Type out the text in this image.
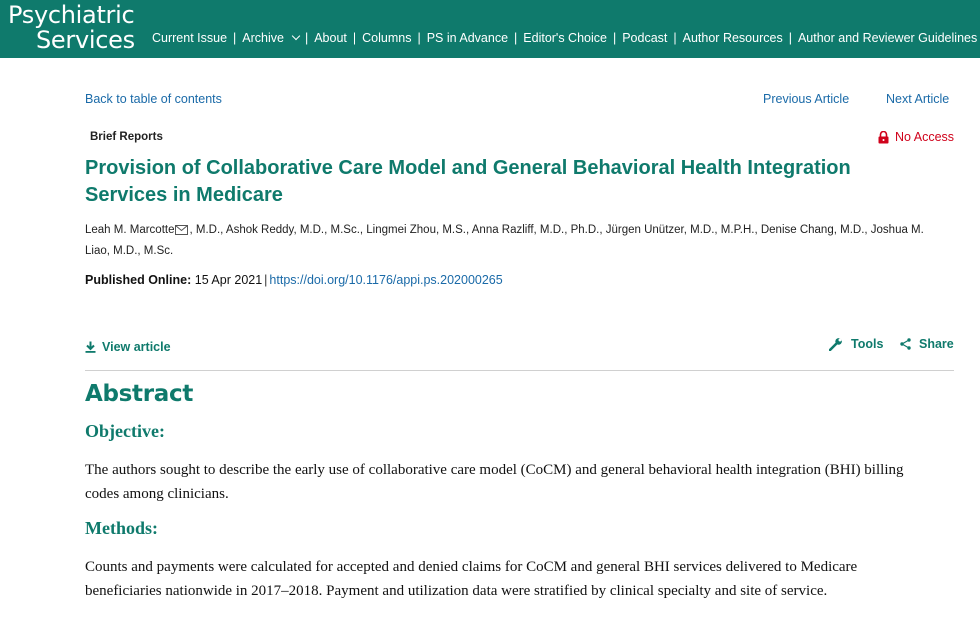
Psychiatric
Services Current Issue | Archive	| About | Columns | PS in Advance | Editor's Choice | Podcast | Author Resources | Author and Reviewer Guidelines
Back to table of contents	Previous Article	Next Article
Brief Reports	No Access
Provision of Collaborative Care Model and General Behavioral Health Integration Services in Medicare
Leah M. Marcotte , M.D., Ashok Reddy, M.D., M.Sc., Lingmei Zhou, M.S., Anna Razliff, M.D., Ph.D., Jürgen Unützer, M.D., M.P.H., Denise Chang, M.D., Joshua M. Liao, M.D., M.Sc.
Published Online: 15 Apr 2021 | https://doi.org/10.1176/appi.ps.202000265
View article	Tools	Share
Abstract
Objective:

The authors sought to describe the early use of collaborative care model (CoCM) and general behavioral health integration (BHI) billing codes among clinicians.

Methods:

Counts and payments were calculated for accepted and denied claims for CoCM and general BHI services delivered to Medicare beneficiaries nationwide in 2017–2018. Payment and utilization data were stratified by clinical specialty and site of service.
